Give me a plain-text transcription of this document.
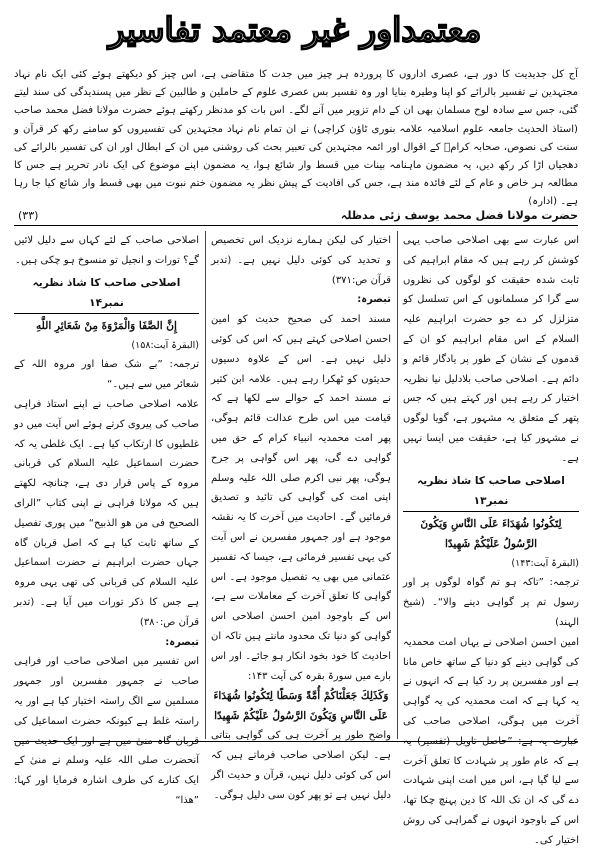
معتمداور غیر معتمد تفاسیر

آج کل جدیدیت کا دور ہے، عصری اداروں کا پروردہ ہر چیز میں جدت کا متقاضی ہے، اس چیز کو دیکھتے ہوئے کئی ایک نام نہاد مجتہدین نے تفسیر بالرائے کو اپنا وطیرہ بنایا اور وہ تفسیر بس عصری علوم کے حاملین و طالبین کے نظر میں پسندیدگی کی سند لیتے گئی، جس سے سادہ لوح مسلمان بھی ان کے دام تزویر میں آنے لگے۔ اس بات کو مدنظر رکھتے ہوئے حضرت مولانا فضل محمد صاحب (استاذ الحدیث جامعہ علوم اسلامیہ علامہ بنوری ٹاؤن کراچی) نے ان تمام نام نہاد مجتہدین کی تفسیروں کو سامنے رکھ کر قرآن و سنت کی نصوص، صحابہ کرامؓ کے اقوال اور ائمہ مجتہدین کی تعبیر بحث کی روشنی میں ان کے ابطال اور ان کی تفسیر بالرائے کی دھجیاں اڑا کر رکھ دیں، یہ مضمون ماہنامہ بینات میں قسط وار شائع ہوا، یہ مضمون اپنے موضوع کی ایک نادر تحریر ہے جس کا مطالعہ ہر خاص و عام کے لئے فائدہ مند ہے، جس کی افادیت کے پیش نظر یہ مضمون ختم نبوت میں بھی قسط وار شائع کیا جا رہا ہے۔ (ادارہ)

حضرت مولانا فضل محمد یوسف زئی مدظلہ
(۳۳)

اس عبارت سے بھی اصلاحی صاحب یہی کوشش کر رہے ہیں کہ مقام ابراہیم کی ثابت شدہ حقیقت کو لوگوں کی نظروں سے گرا کر مسلمانوں کے اس تسلسل کو متزلزل کر دے جو حضرت ابراہیم علیہ السلام کے اس مقام ابراہیم کو ان کے قدموں کے نشان کے طور پر یادگار قائم و دائم ہے۔ اصلاحی صاحب بلادلیل نیا نظریہ اختیار کر رہے ہیں اور کہتے ہیں کہ جس پتھر کے متعلق یہ مشہور ہے، گویا لوگوں نے مشہور کیا ہے، حقیقت میں ایسا نہیں ہے۔

اصلاحی صاحب کا شاذ نظریہ نمبر۱۳
لِتَكُونُوا شُهَدَاءَ عَلَى النَّاسِ وَيَكُونَ الرَّسُولُ عَلَيْكُمْ شَهِيدًا

(البقرۃ آیت:۱۴۳)

ترجمہ: ”تاکہ ہو تم گواہ لوگوں پر اور رسول تم پر گواہی دینے والا“۔ (شیخ الہند)

امین احسن اصلاحی نے یہاں امت محمدیہ کی گواہی دینے کو دنیا کے ساتھ خاص مانا ہے اور مفسرین پر رد کیا ہے کہ انہوں نے یہ کہا ہے کہ امت محمدیہ کی یہ گواہی آخرت میں ہوگی، اصلاحی صاحب کی عبارت یہ ہے: ”حاصل تاویل (تفسیر) یہ ہے کہ عام طور پر شہادت کا تعلق آخرت سے لیا گیا ہے، اس میں امت اپنی شہادت دے گی کہ ان تک اللہ کا دین پہنچ چکا تھا، اس کے باوجود انہوں نے گمراہی کی روش اختیار کی۔

اختیار کی لیکن ہمارے نزدیک اس تخصیص و تحدید کی کوئی دلیل نہیں ہے۔ (تدبر قرآن ص:۳۷۱)

تبصرہ:

مسند احمد کی صحیح حدیث کو امین احسن اصلاحی کہتے ہیں کہ اس کی کوئی دلیل نہیں ہے۔ اس کے علاوہ دسیوں حدیثوں کو ٹھکرا رہے ہیں۔ علامہ ابن کثیر نے مسند احمد کے حوالے سے لکھا ہے کہ قیامت میں اس طرح عدالت قائم ہوگی، پھر امت محمدیہ انبیاء کرام کے حق میں گواہی دے گی، پھر اس گواہی پر جرح ہوگی، پھر نبی اکرم صلی اللہ علیہ وسلم اپنی امت کی گواہی کی تائید و تصدیق فرمائیں گے۔ احادیث میں آخرت کا یہ نقشہ موجود ہے اور جمہور مفسرین نے اس آیت کی یہی تفسیر فرمائی ہے، جیسا کہ تفسیر عثمانی میں بھی یہ تفصیل موجود ہے۔ اس گواہی کا تعلق آخرت کے معاملات سے ہے، اس کے باوجود امین احسن اصلاحی اس گواہی کو دنیا تک محدود مانتے ہیں تاکہ ان احادیث کا خود بخود انکار ہو جائے۔ اور اس بارے میں سورۃ بقرہ کی آیت ۱۴۳:

وَكَذَلِكَ جَعَلْنَاكُمْ أُمَّةً وَسَطًا لِتَكُونُوا شُهَدَاءَ عَلَى النَّاسِ وَيَكُونَ الرَّسُولُ عَلَيْكُمْ شَهِيدًا

واضح طور پر آخرت ہی کی گواہی بتاتی ہے۔ لیکن اصلاحی صاحب فرماتے ہیں کہ اس کی کوئی دلیل نہیں، قرآن و حدیث اگر دلیل نہیں ہے تو پھر کون سی دلیل ہوگی۔

اصلاحی صاحب کے لئے کہاں سے دلیل لائیں گے؟ تورات و انجیل تو منسوخ ہو چکی ہیں۔

اصلاحی صاحب کا شاذ نظریہ نمبر۱۴
إِنَّ الصَّفَا وَالْمَرْوَةَ مِنْ شَعَائِرِ اللَّهِ

(البقرۃ آیت:۱۵۸)

ترجمہ: ”بے شک صفا اور مروہ اللہ کے شعائر میں سے ہیں۔“

علامہ اصلاحی صاحب نے اپنے استاذ فراہی صاحب کی پیروی کرتے ہوئے اس آیت میں دو غلطیوں کا ارتکاب کیا ہے۔ ایک غلطی یہ کہ حضرت اسماعیل علیہ السلام کی قربانی مروہ کے پاس قرار دی ہے، چنانچہ لکھتے ہیں کہ مولانا فراہی نے اپنی کتاب ”الرای الصحیح فی من ھو الذبیح“ میں پوری تفصیل کے ساتھ ثابت کیا ہے کہ اصل قربان گاہ جہاں حضرت ابراہیم نے حضرت اسماعیل علیہ السلام کی قربانی کی تھی یہی مروہ ہے جس کا ذکر تورات میں آیا ہے۔ (تدبر قرآن ص:۳۸۰)

تبصرہ:

اس تفسیر میں اصلاحی صاحب اور فراہی صاحب نے جمہور مفسرین اور جمہور مسلمین سے الگ راستہ اختیار کیا ہے اور یہ راستہ غلط ہے کیونکہ حضرت اسماعیل کی قربان گاہ منیٰ میں ہے اور ایک حدیث میں آنحضرت صلی اللہ علیہ وسلم نے منیٰ کے ایک کنارے کی طرف اشارہ فرمایا اور کہا: ”ھذا“
